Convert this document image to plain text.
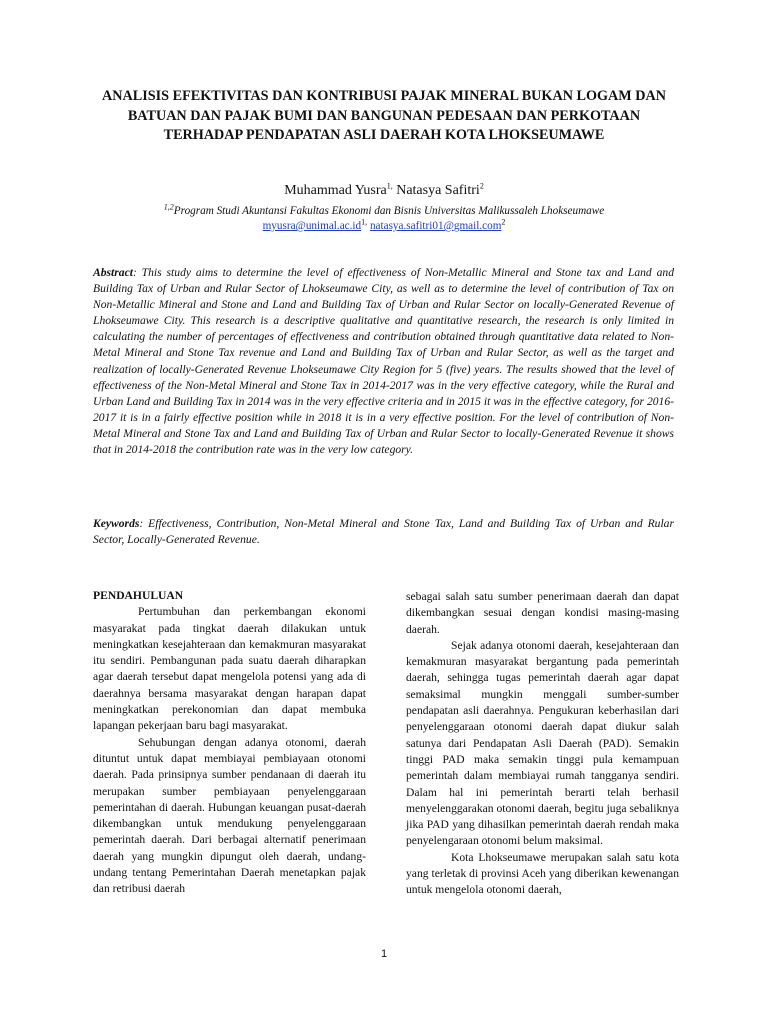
ANALISIS EFEKTIVITAS DAN KONTRIBUSI PAJAK MINERAL BUKAN LOGAM DAN BATUAN DAN PAJAK BUMI DAN BANGUNAN PEDESAAN DAN PERKOTAAN TERHADAP PENDAPATAN ASLI DAERAH KOTA LHOKSEUMAWE
Muhammad Yusra$^{1,}$ Natasya Safitri$^2$
$^{1,2}$Program Studi Akuntansi Fakultas Ekonomi dan Bisnis Universitas Malikussaleh Lhokseumawe
$myusra@unimal.ac.id^{1,}$ natasya.safitri01@gmail.com$^2$
Abstract: This study aims to determine the level of effectiveness of Non-Metallic Mineral and Stone tax and Land and Building Tax of Urban and Rular Sector of Lhokseumawe City, as well as to determine the level of contribution of Tax on Non-Metallic Mineral and Stone and Land and Building Tax of Urban and Rular Sector on locally-Generated Revenue of Lhokseumawe City. This research is a descriptive qualitative and quantitative research, the research is only limited in calculating the number of percentages of effectiveness and contribution obtained through quantitative data related to Non-Metal Mineral and Stone Tax revenue and Land and Building Tax of Urban and Rular Sector, as well as the target and realization of locally-Generated Revenue Lhokseumawe City Region for 5 (five) years. The results showed that the level of effectiveness of the Non-Metal Mineral and Stone Tax in 2014-2017 was in the very effective category, while the Rural and Urban Land and Building Tax in 2014 was in the very effective criteria and in 2015 it was in the effective category, for 2016-2017 it is in a fairly effective position while in 2018 it is in a very effective position. For the level of contribution of Non-Metal Mineral and Stone Tax and Land and Building Tax of Urban and Rular Sector to locally-Generated Revenue it shows that in 2014-2018 the contribution rate was in the very low category.
Keywords: Effectiveness, Contribution, Non-Metal Mineral and Stone Tax, Land and Building Tax of Urban and Rular Sector, Locally-Generated Revenue.

PENDAHULUAN

Pertumbuhan dan perkembangan ekonomi masyarakat pada tingkat daerah dilakukan untuk meningkatkan kesejahteraan dan kemakmuran masyarakat itu sendiri. Pembangunan pada suatu daerah diharapkan agar daerah tersebut dapat mengelola potensi yang ada di daerahnya bersama masyarakat dengan harapan dapat meningkatkan perekonomian dan dapat membuka lapangan pekerjaan baru bagi masyarakat.

Sehubungan dengan adanya otonomi, daerah dituntut untuk dapat membiayai pembiayaan otonomi daerah. Pada prinsipnya sumber pendanaan di daerah itu merupakan sumber pembiayaan penyelenggaraan pemerintahan di daerah. Hubungan keuangan pusat-daerah dikembangkan untuk mendukung penyelenggaraan pemerintah daerah. Dari berbagai alternatif penerimaan daerah yang mungkin dipungut oleh daerah, undang-undang tentang Pemerintahan Daerah menetapkan pajak dan retribusi daerah

sebagai salah satu sumber penerimaan daerah dan dapat dikembangkan sesuai dengan kondisi masing-masing daerah.

Sejak adanya otonomi daerah, kesejahteraan dan kemakmuran masyarakat bergantung pada pemerintah daerah, sehingga tugas pemerintah daerah agar dapat semaksimal mungkin menggali sumber-sumber pendapatan asli daerahnya. Pengukuran keberhasilan dari penyelenggaraan otonomi daerah dapat diukur salah satunya dari Pendapatan Asli Daerah (PAD). Semakin tinggi PAD maka semakin tinggi pula kemampuan pemerintah dalam membiayai rumah tangganya sendiri. Dalam hal ini pemerintah berarti telah berhasil menyelenggarakan otonomi daerah, begitu juga sebaliknya jika PAD yang dihasilkan pemerintah daerah rendah maka penyelengaraan otonomi belum maksimal.

Kota Lhokseumawe merupakan salah satu kota yang terletak di provinsi Aceh yang diberikan kewenangan untuk mengelola otonomi daerah,

1
